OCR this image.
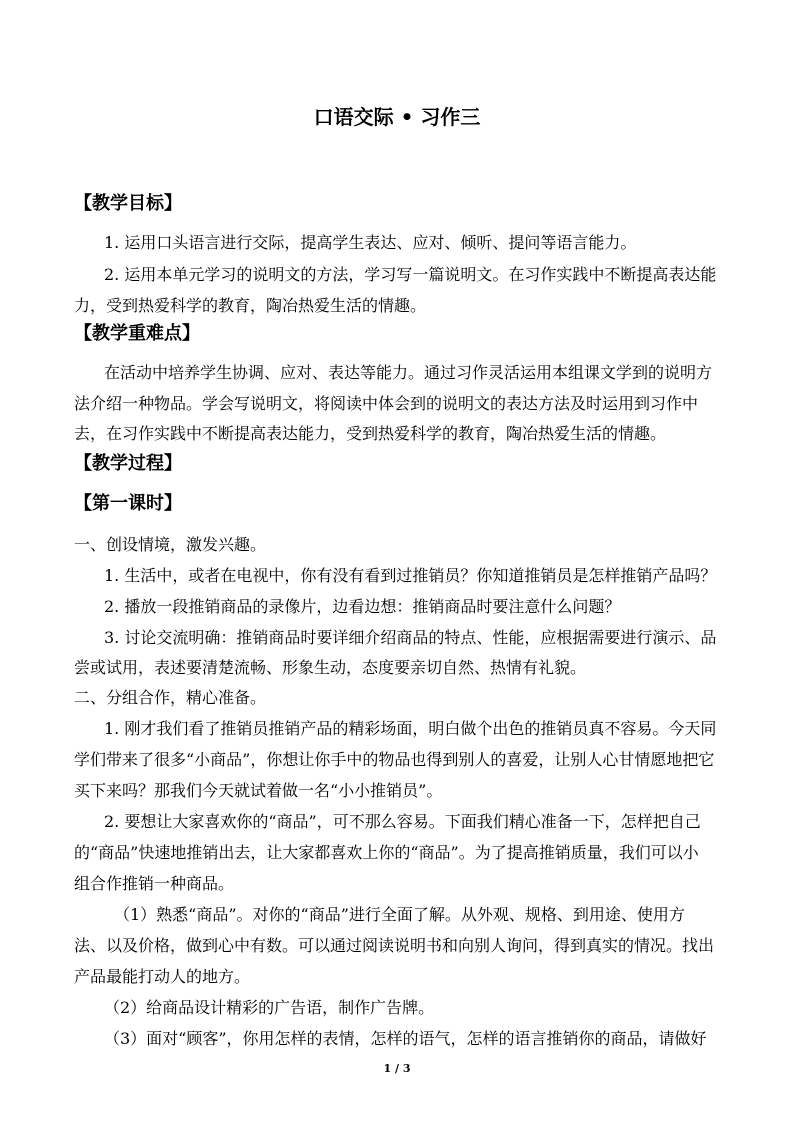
口语交际 • 习作三
【教学目标】
1. 运用口头语言进行交际，提高学生表达、应对、倾听、提问等语言能力。
2. 运用本单元学习的说明文的方法，学习写一篇说明文。在习作实践中不断提高表达能
力，受到热爱科学的教育，陶冶热爱生活的情趣。
【教学重难点】
在活动中培养学生协调、应对、表达等能力。通过习作灵活运用本组课文学到的说明方
法介绍一种物品。学会写说明文，将阅读中体会到的说明文的表达方法及时运用到习作中
去，在习作实践中不断提高表达能力，受到热爱科学的教育，陶冶热爱生活的情趣。
【教学过程】
【第一课时】
一、创设情境，激发兴趣。
1. 生活中，或者在电视中，你有没有看到过推销员？你知道推销员是怎样推销产品吗？
2. 播放一段推销商品的录像片，边看边想：推销商品时要注意什么问题？
3. 讨论交流明确：推销商品时要详细介绍商品的特点、性能，应根据需要进行演示、品
尝或试用，表述要清楚流畅、形象生动，态度要亲切自然、热情有礼貌。
二、分组合作，精心准备。
1. 刚才我们看了推销员推销产品的精彩场面，明白做个出色的推销员真不容易。今天同
学们带来了很多“小商品”，你想让你手中的物品也得到别人的喜爱，让别人心甘情愿地把它
买下来吗？那我们今天就试着做一名“小小推销员”。
2. 要想让大家喜欢你的“商品”，可不那么容易。下面我们精心准备一下，怎样把自己
的“商品”快速地推销出去，让大家都喜欢上你的“商品”。为了提高推销质量，我们可以小
组合作推销一种商品。
（1）熟悉“商品”。对你的“商品”进行全面了解。从外观、规格、到用途、使用方
法、以及价格，做到心中有数。可以通过阅读说明书和向别人询问，得到真实的情况。找出
产品最能打动人的地方。
（2）给商品设计精彩的广告语，制作广告牌。
（3）面对“顾客”，你用怎样的表情，怎样的语气，怎样的语言推销你的商品，请做好
1 / 3
